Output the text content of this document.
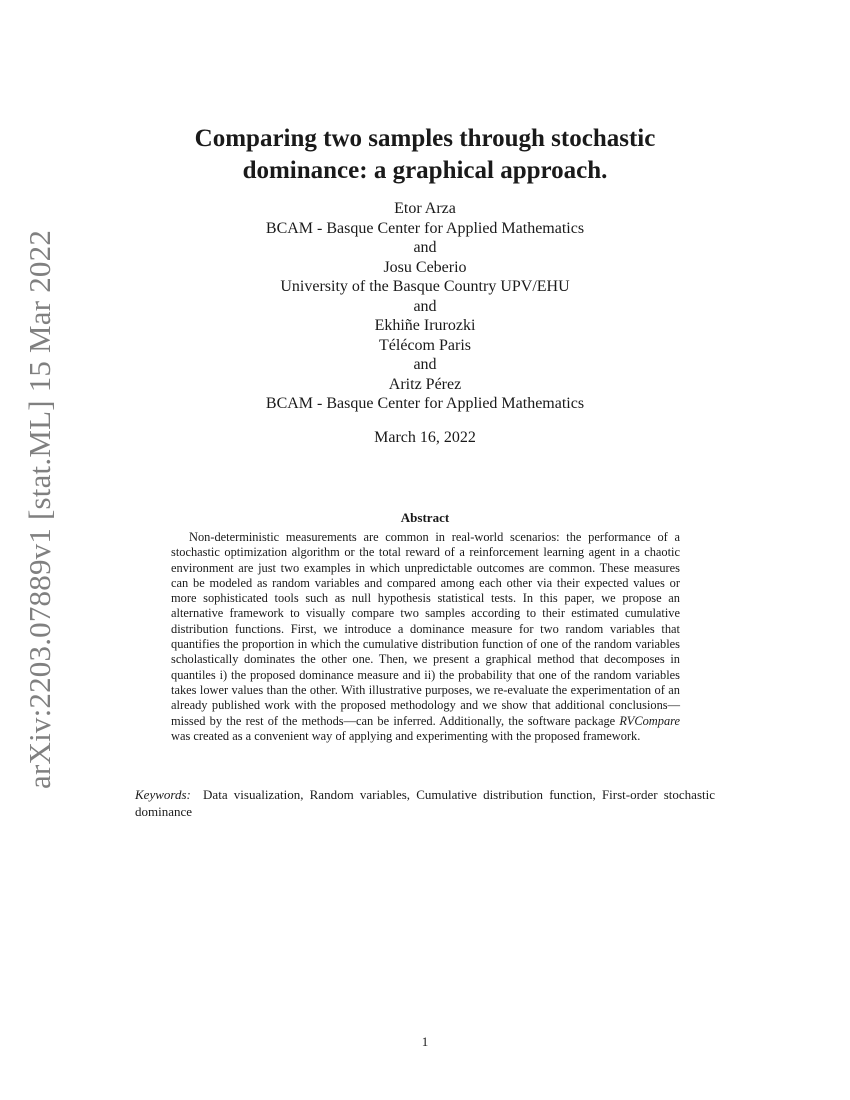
arXiv:2203.07889v1 [stat.ML] 15 Mar 2022
Comparing two samples through stochastic
dominance: a graphical approach.
Etor Arza
BCAM - Basque Center for Applied Mathematics
and
Josu Ceberio
University of the Basque Country UPV/EHU
and
Ekhiñe Irurozki
Télécom Paris
and
Aritz Pérez
BCAM - Basque Center for Applied Mathematics
March 16, 2022
Abstract

Non-deterministic measurements are common in real-world scenarios: the performance of a stochastic optimization algorithm or the total reward of a reinforcement learning agent in a chaotic environment are just two examples in which unpredictable outcomes are common. These measures can be modeled as random variables and compared among each other via their expected values or more sophisticated tools such as null hypothesis statistical tests. In this paper, we propose an alternative framework to visually compare two samples according to their estimated cumulative distribution functions. First, we introduce a dominance measure for two random variables that quantifies the proportion in which the cumulative distribution function of one of the random variables scholastically dominates the other one. Then, we present a graphical method that decomposes in quantiles i) the proposed dominance measure and ii) the probability that one of the random variables takes lower values than the other. With illustrative purposes, we re-evaluate the experimentation of an already published work with the proposed methodology and we show that additional conclusions—missed by the rest of the methods—can be inferred. Additionally, the software package RVCompare was created as a convenient way of applying and experimenting with the proposed framework.

Keywords: Data visualization, Random variables, Cumulative distribution function, First-order stochastic dominance
1
